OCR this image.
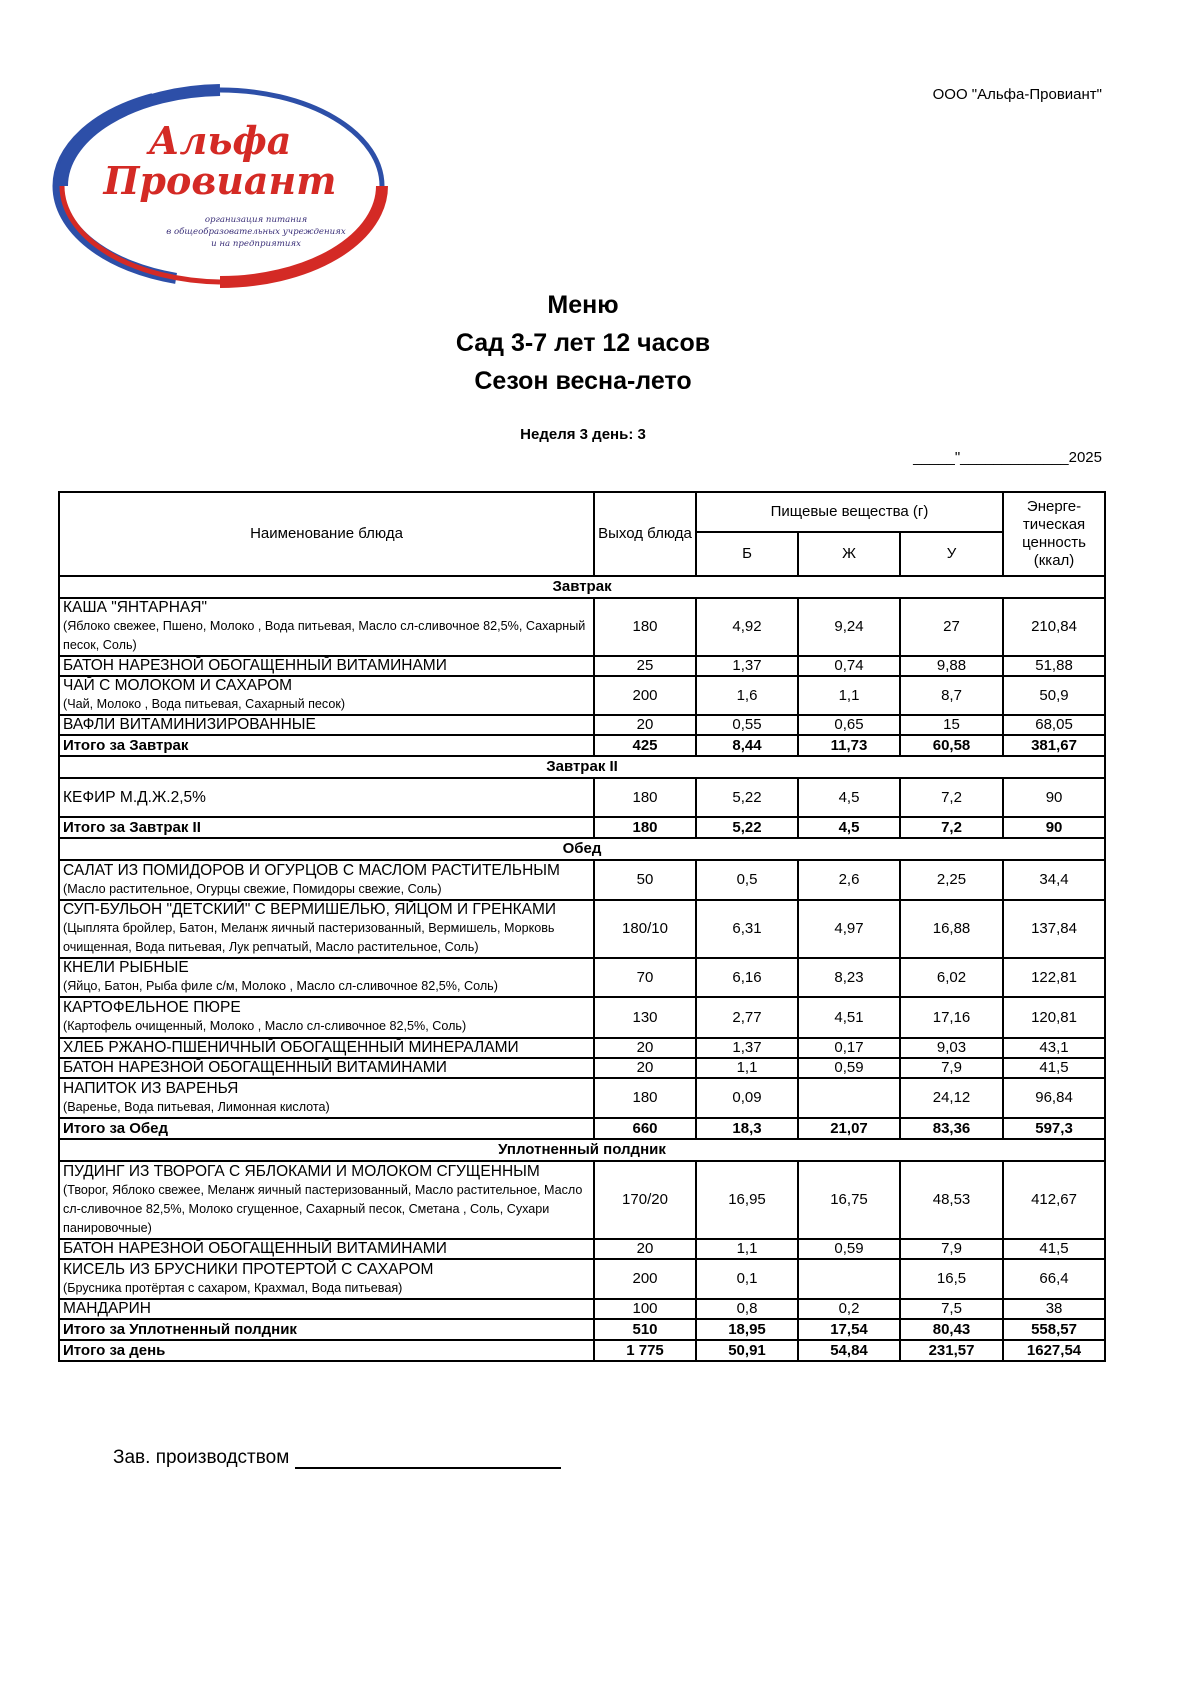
ООО "Альфа-Провиант"
Альфа
Провиант
организация питания
в общеобразовательных учреждениях
и на предприятиях
Меню
Сад 3-7 лет 12 часов
Сезон весна-лето
Неделя 3 день: 3
_____"_____________2025
Наименование блюда	Выход блюда	Пищевые вещества (г)			Энерге-тическая ценность (ккал)
		Б	Ж	У	
Завтрак					

КАША "ЯНТАРНАЯ"
(Яблоко свежее, Пшено, Молоко , Вода питьевая, Масло сл-сливочное 82,5%, Сахарный песок, Соль)	180	4,92	9,24	27	210,84

БАТОН НАРЕЗНОЙ ОБОГАЩЕННЫЙ ВИТАМИНАМИ	25	1,37	0,74	9,88	51,88

ЧАЙ С МОЛОКОМ И САХАРОМ
(Чай, Молоко , Вода питьевая, Сахарный песок)	200	1,6	1,1	8,7	50,9

ВАФЛИ ВИТАМИНИЗИРОВАННЫЕ	20	0,55	0,65	15	68,05
Итого за Завтрак	425	8,44	11,73	60,58	381,67
Завтрак II					

КЕФИР М.Д.Ж.2,5%	180	5,22	4,5	7,2	90
Итого за Завтрак II	180	5,22	4,5	7,2	90
Обед					

САЛАТ ИЗ ПОМИДОРОВ И ОГУРЦОВ С МАСЛОМ РАСТИТЕЛЬНЫМ
(Масло растительное, Огурцы свежие, Помидоры свежие, Соль)	50	0,5	2,6	2,25	34,4

СУП-БУЛЬОН "ДЕТСКИЙ" С ВЕРМИШЕЛЬЮ, ЯЙЦОМ И ГРЕНКАМИ
(Цыплята бройлер, Батон, Меланж яичный пастеризованный, Вермишель, Морковь очищенная, Вода питьевая, Лук репчатый, Масло растительное, Соль)	180/10	6,31	4,97	16,88	137,84

КНЕЛИ РЫБНЫЕ
(Яйцо, Батон, Рыба филе с/м, Молоко , Масло сл-сливочное 82,5%, Соль)	70	6,16	8,23	6,02	122,81

КАРТОФЕЛЬНОЕ ПЮРЕ
(Картофель очищенный, Молоко , Масло сл-сливочное 82,5%, Соль)	130	2,77	4,51	17,16	120,81

ХЛЕБ РЖАНО-ПШЕНИЧНЫЙ ОБОГАЩЕННЫЙ МИНЕРАЛАМИ	20	1,37	0,17	9,03	43,1

БАТОН НАРЕЗНОЙ ОБОГАЩЕННЫЙ ВИТАМИНАМИ	20	1,1	0,59	7,9	41,5

НАПИТОК ИЗ ВАРЕНЬЯ
(Варенье, Вода питьевая, Лимонная кислота)	180	0,09		24,12	96,84
Итого за Обед	660	18,3	21,07	83,36	597,3
Уплотненный полдник					

ПУДИНГ ИЗ ТВОРОГА С ЯБЛОКАМИ И МОЛОКОМ СГУЩЕННЫМ
(Творог, Яблоко свежее, Меланж яичный пастеризованный, Масло растительное, Масло сл-сливочное 82,5%, Молоко сгущенное, Сахарный песок, Сметана , Соль, Сухари панировочные)	170/20	16,95	16,75	48,53	412,67

БАТОН НАРЕЗНОЙ ОБОГАЩЕННЫЙ ВИТАМИНАМИ	20	1,1	0,59	7,9	41,5

КИСЕЛЬ ИЗ БРУСНИКИ ПРОТЕРТОЙ С САХАРОМ
(Брусника протёртая с сахаром, Крахмал, Вода питьевая)	200	0,1		16,5	66,4

МАНДАРИН	100	0,8	0,2	7,5	38
Итого за Уплотненный полдник	510	18,95	17,54	80,43	558,57
Итого за день	1 775	50,91	54,84	231,57	1627,54
Зав. производством
